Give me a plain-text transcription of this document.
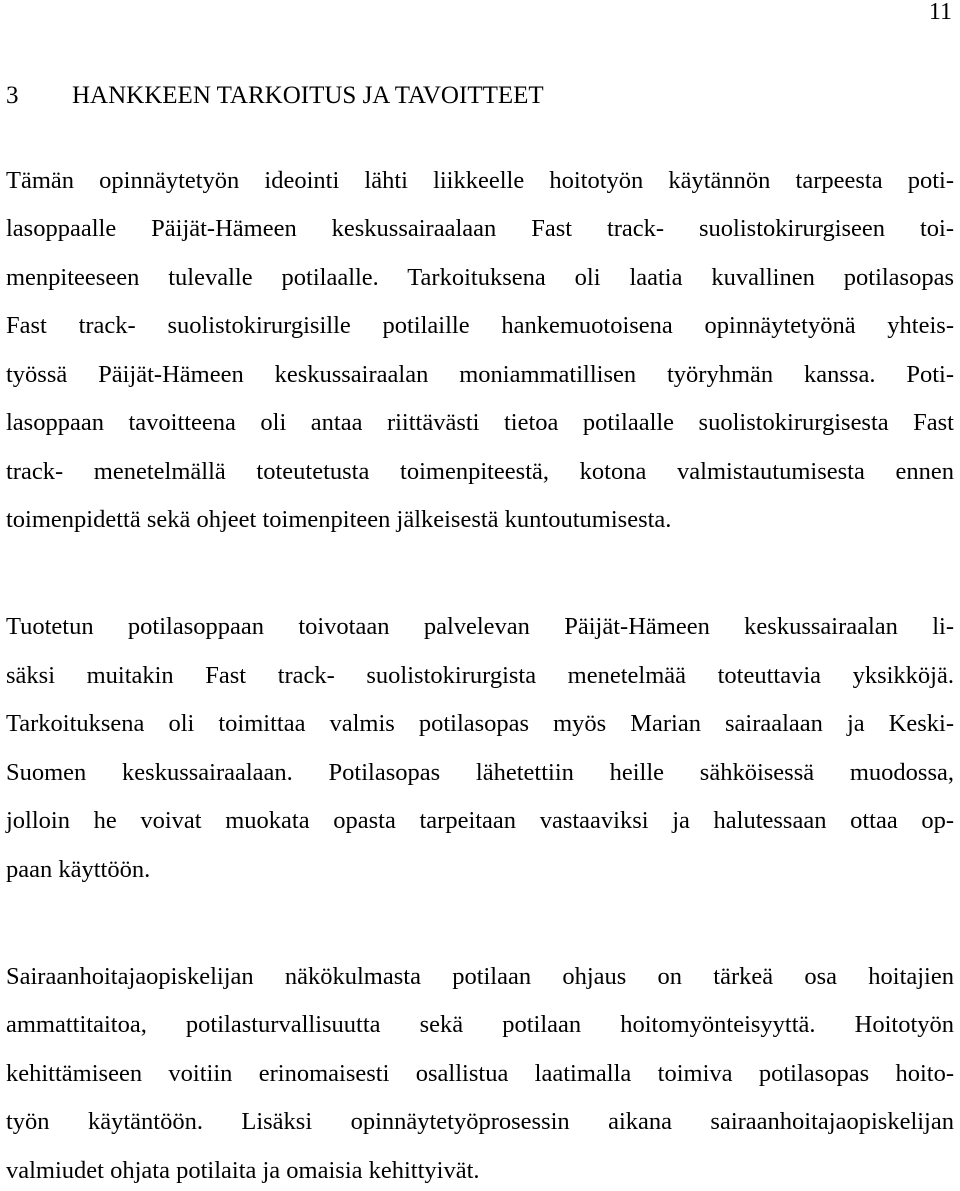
11
3 HANKKEEN TARKOITUS JA TAVOITTEET
Tämän opinnäytetyön ideointi lähti liikkeelle hoitotyön käytännön tarpeesta poti-
lasoppaalle Päijät-Hämeen keskussairaalaan Fast track- suolistokirurgiseen toi-
menpiteeseen tulevalle potilaalle. Tarkoituksena oli laatia kuvallinen potilasopas
Fast track- suolistokirurgisille potilaille hankemuotoisena opinnäytetyönä yhteis-
työssä Päijät-Hämeen keskussairaalan moniammatillisen työryhmän kanssa. Poti-
lasoppaan tavoitteena oli antaa riittävästi tietoa potilaalle suolistokirurgisesta Fast
track- menetelmällä toteutetusta toimenpiteestä, kotona valmistautumisesta ennen
toimenpidettä sekä ohjeet toimenpiteen jälkeisestä kuntoutumisesta.
Tuotetun potilasoppaan toivotaan palvelevan Päijät-Hämeen keskussairaalan li-
säksi muitakin Fast track- suolistokirurgista menetelmää toteuttavia yksikköjä.
Tarkoituksena oli toimittaa valmis potilasopas myös Marian sairaalaan ja Keski-
Suomen keskussairaalaan. Potilasopas lähetettiin heille sähköisessä muodossa,
jolloin he voivat muokata opasta tarpeitaan vastaaviksi ja halutessaan ottaa op-
paan käyttöön.
Sairaanhoitajaopiskelijan näkökulmasta potilaan ohjaus on tärkeä osa hoitajien
ammattitaitoa, potilasturvallisuutta sekä potilaan hoitomyönteisyyttä. Hoitotyön
kehittämiseen voitiin erinomaisesti osallistua laatimalla toimiva potilasopas hoito-
työn käytäntöön. Lisäksi opinnäytetyöprosessin aikana sairaanhoitajaopiskelijan
valmiudet ohjata potilaita ja omaisia kehittyivät.
